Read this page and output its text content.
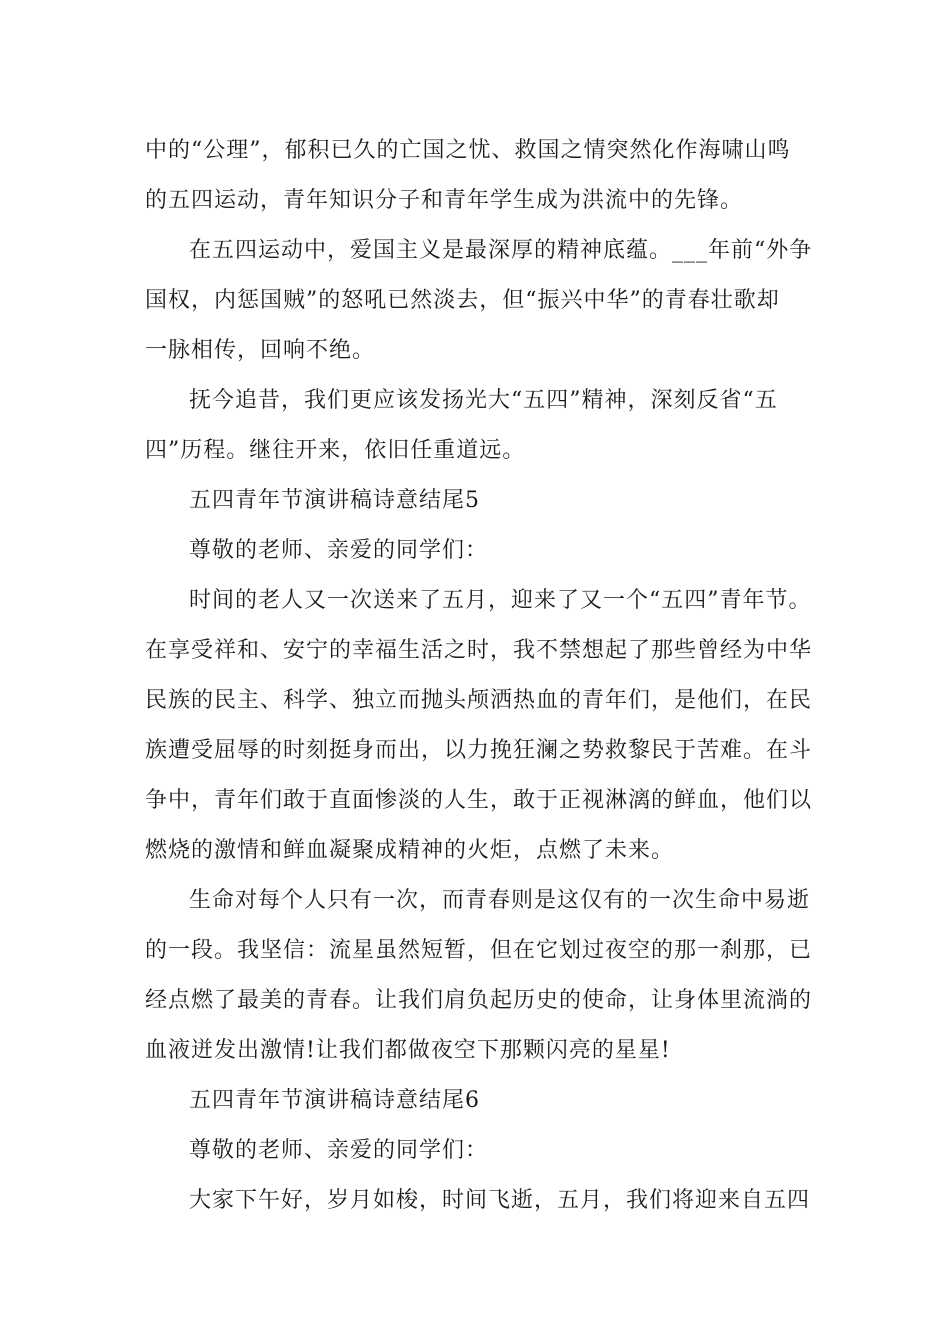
中的“公理”，郁积已久的亡国之忧、救国之情突然化作海啸山鸣
的五四运动，青年知识分子和青年学生成为洪流中的先锋。
在五四运动中，爱国主义是最深厚的精神底蕴。___年前“外争
国权，内惩国贼”的怒吼已然淡去，但“振兴中华”的青春壮歌却
一脉相传，回响不绝。
抚今追昔，我们更应该发扬光大“五四”精神，深刻反省“五
四”历程。继往开来，依旧任重道远。
五四青年节演讲稿诗意结尾5
尊敬的老师、亲爱的同学们：
时间的老人又一次送来了五月，迎来了又一个“五四”青年节。
在享受祥和、安宁的幸福生活之时，我不禁想起了那些曾经为中华
民族的民主、科学、独立而抛头颅洒热血的青年们，是他们，在民
族遭受屈辱的时刻挺身而出，以力挽狂澜之势救黎民于苦难。在斗
争中，青年们敢于直面惨淡的人生，敢于正视淋漓的鲜血，他们以
燃烧的激情和鲜血凝聚成精神的火炬，点燃了未来。
生命对每个人只有一次，而青春则是这仅有的一次生命中易逝
的一段。我坚信：流星虽然短暂，但在它划过夜空的那一刹那，已
经点燃了最美的青春。让我们肩负起历史的使命，让身体里流淌的
血液迸发出激情!让我们都做夜空下那颗闪亮的星星!
五四青年节演讲稿诗意结尾6
尊敬的老师、亲爱的同学们：
大家下午好，岁月如梭，时间飞逝，五月，我们将迎来自五四
